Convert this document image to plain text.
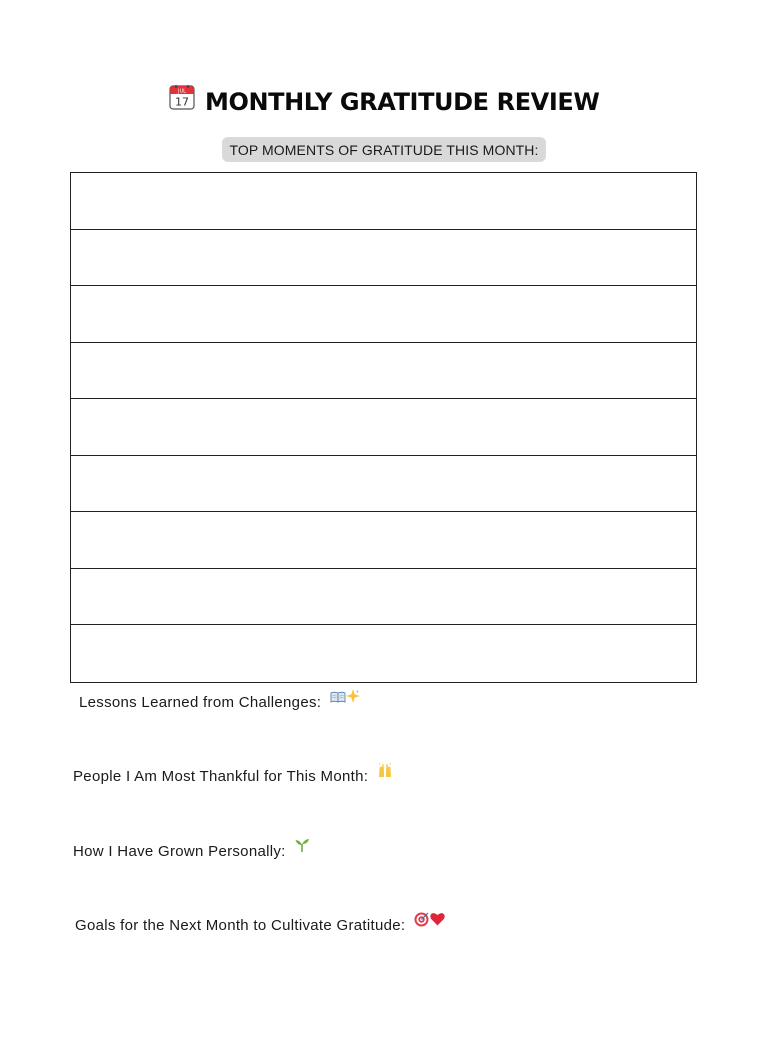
JUL
17 MONTHLY GRATITUDE REVIEW
TOP MOMENTS OF GRATITUDE THIS MONTH:
Lessons Learned from Challenges:
People I Am Most Thankful for This Month:
How I Have Grown Personally:
Goals for the Next Month to Cultivate Gratitude:
